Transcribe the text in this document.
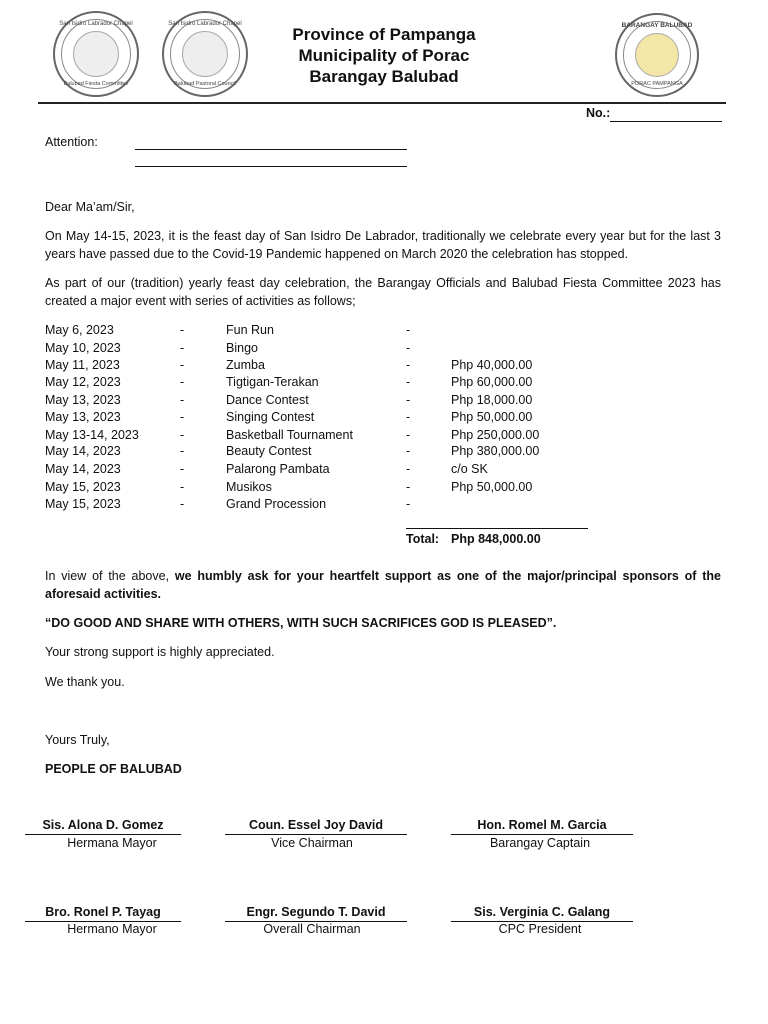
San Isidro Labrador Chapel
Balubad Fiesta Committee
San Isidro Labrador Chapel
Balubad Pastoral Council
BARANGAY BALUBAD
PORAC PAMPANGA
Province of Pampanga
Municipality of Porac
Barangay Balubad
No.:
Attention:
Dear Ma’am/Sir,
On May 14-15, 2023, it is the feast day of San Isidro De Labrador, traditionally we celebrate every year but for the last 3 years have passed due to the Covid-19 Pandemic happened on March 2020 the celebration has stopped.
As part of our (tradition) yearly feast day celebration, the Barangay Officials and Balubad Fiesta Committee 2023 has created a major event with series of activities as follows;
May 6, 2023	-	Fun Run	-
May 10, 2023	-	Bingo	-
May 11, 2023	-	Zumba	-	Php 40,000.00
May 12, 2023	-	Tigtigan-Terakan	-	Php 60,000.00
May 13, 2023	-	Dance Contest	-	Php 18,000.00
May 13, 2023	-	Singing Contest	-	Php 50,000.00
May 13-14, 2023	-	Basketball Tournament	-	Php 250,000.00
May 14, 2023	-	Beauty Contest	-	Php 380,000.00
May 14, 2023	-	Palarong Pambata	-	c/o SK
May 15, 2023	-	Musikos	-	Php 50,000.00
May 15, 2023	-	Grand Procession	-
Total: Php 848,000.00
In view of the above, we humbly ask for your heartfelt support as one of the major/principal sponsors of the aforesaid activities.
“DO GOOD AND SHARE WITH OTHERS, WITH SUCH SACRIFICES GOD IS PLEASED”.
Your strong support is highly appreciated.
We thank you.
Yours Truly,
PEOPLE OF BALUBAD
Sis. Alona D. Gomez
Hermana Mayor
Coun. Essel Joy David
Vice Chairman
Hon. Romel M. Garcia
Barangay Captain
Bro. Ronel P. Tayag
Hermano Mayor
Engr. Segundo T. David
Overall Chairman
Sis. Verginia C. Galang
CPC President
